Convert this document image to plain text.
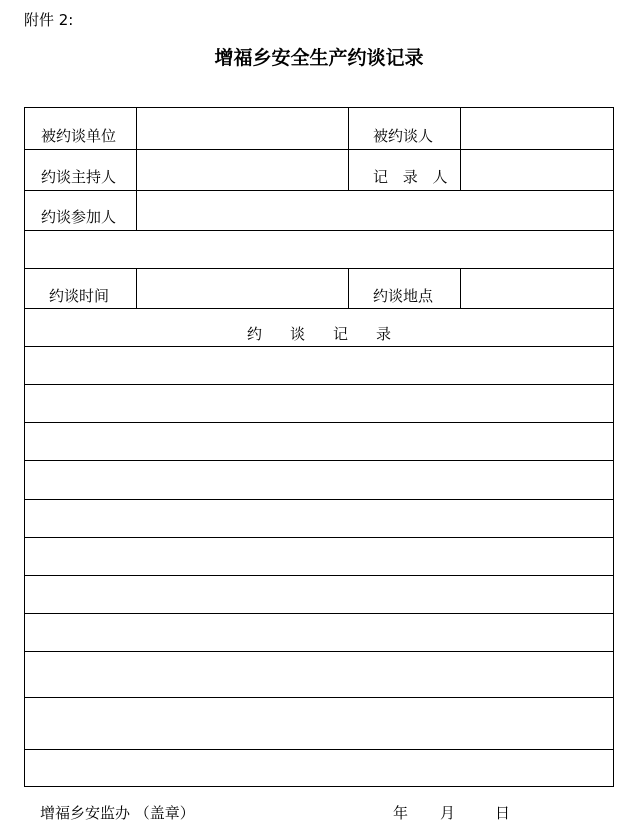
附件 2:
增福乡安全生产约谈记录
被约谈单位	被约谈人
约谈主持人	记 录 人
约谈参加人
约谈时间	约谈地点
约谈记录
增福乡安监办 （盖章）	年 月	日
